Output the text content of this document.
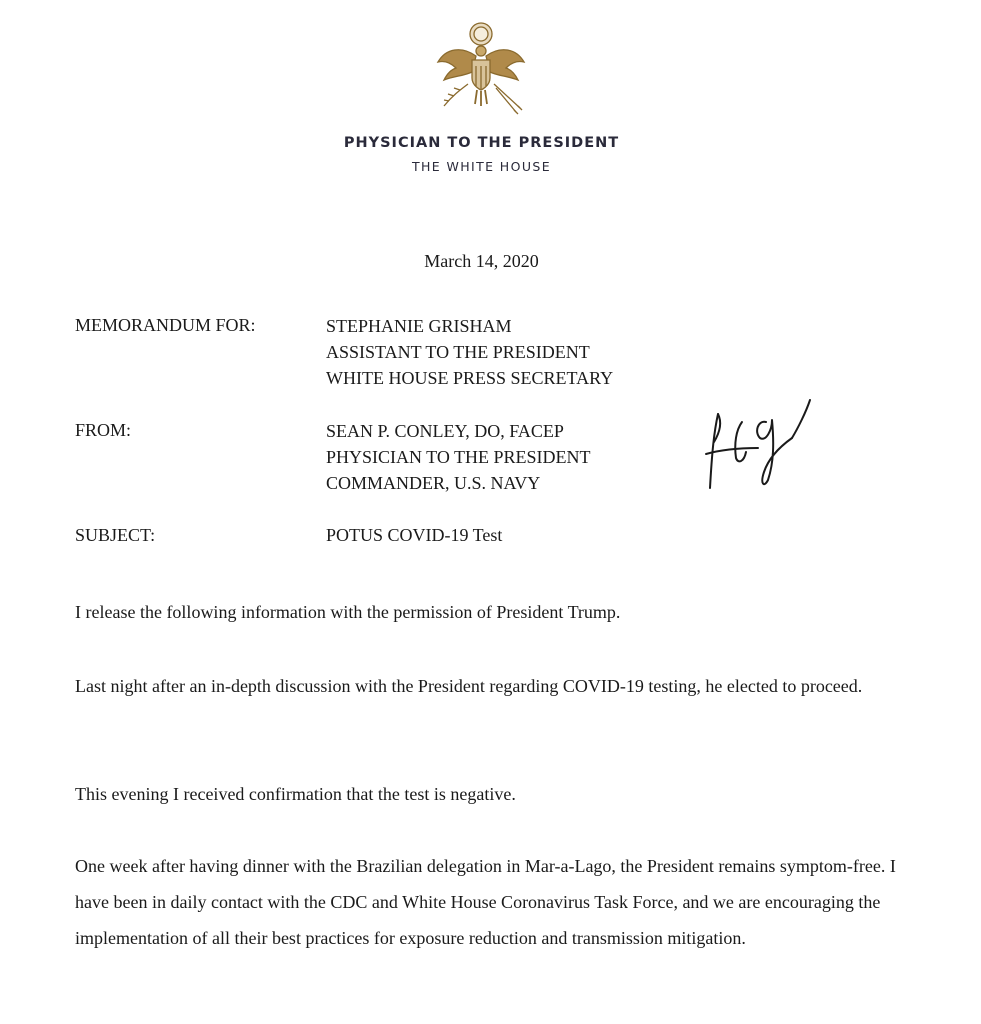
PHYSICIAN TO THE PRESIDENT
THE WHITE HOUSE
March 14, 2020
MEMORANDUM FOR:	STEPHANIE GRISHAM
ASSISTANT TO THE PRESIDENT
WHITE HOUSE PRESS SECRETARY
FROM:	SEAN P. CONLEY, DO, FACEP
PHYSICIAN TO THE PRESIDENT
COMMANDER, U.S. NAVY
SUBJECT:	POTUS COVID-19 Test

I release the following information with the permission of President Trump.

Last night after an in-depth discussion with the President regarding COVID-19 testing, he elected to proceed.

This evening I received confirmation that the test is negative.

One week after having dinner with the Brazilian delegation in Mar-a-Lago, the President remains symptom-free. I have been in daily contact with the CDC and White House Coronavirus Task Force, and we are encouraging the implementation of all their best practices for exposure reduction and transmission mitigation.
